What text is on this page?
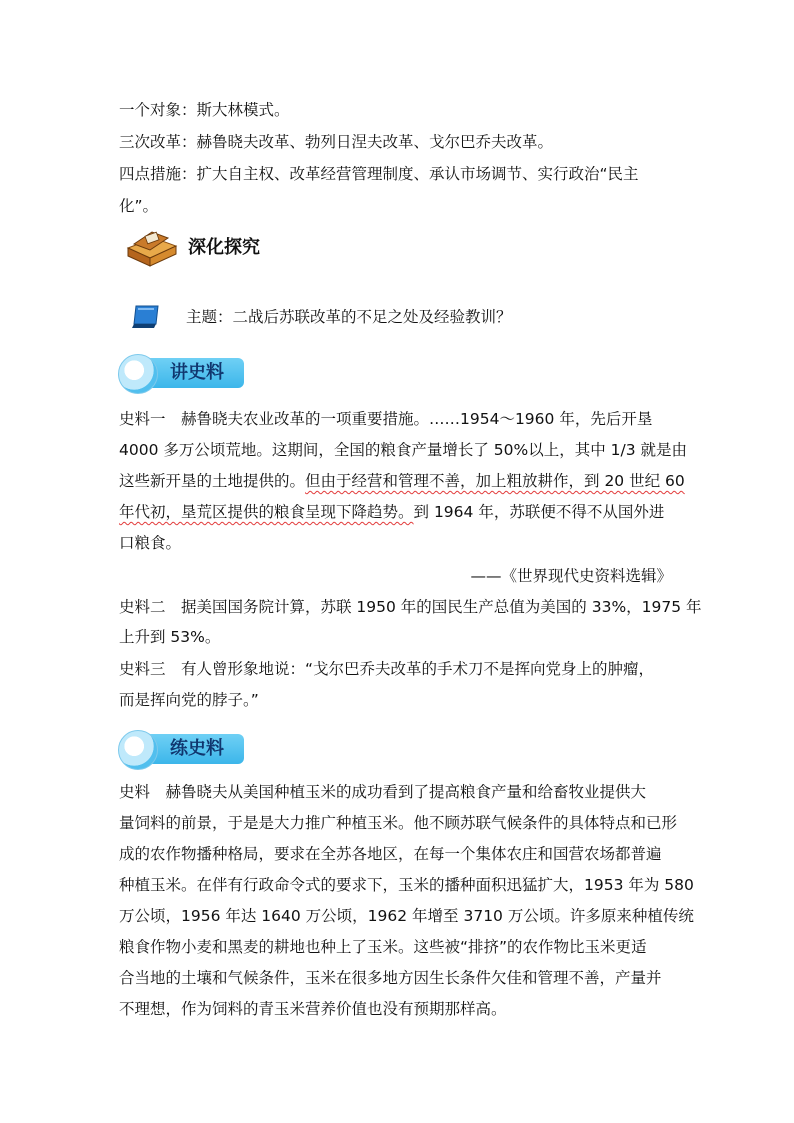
一个对象：斯大林模式。
三次改革：赫鲁晓夫改革、勃列日涅夫改革、戈尔巴乔夫改革。
四点措施：扩大自主权、改革经营管理制度、承认市场调节、实行政治“民主
化”。
深化探究
主题：二战后苏联改革的不足之处及经验教训？
讲史料
史料一　赫鲁晓夫农业改革的一项重要措施。……1954～1960 年，先后开垦
4000 多万公顷荒地。这期间，全国的粮食产量增长了 50%以上，其中 1/3 就是由
这些新开垦的土地提供的。但由于经营和管理不善，加上粗放耕作，到 20 世纪 60
年代初，垦荒区提供的粮食呈现下降趋势。到 1964 年，苏联便不得不从国外进
口粮食。
——《世界现代史资料选辑》
史料二　据美国国务院计算，苏联 1950 年的国民生产总值为美国的 33%，1975 年
上升到 53%。
史料三　有人曾形象地说：“戈尔巴乔夫改革的手术刀不是挥向党身上的肿瘤，
而是挥向党的脖子。”
练史料
史料　赫鲁晓夫从美国种植玉米的成功看到了提高粮食产量和给畜牧业提供大
量饲料的前景，于是是大力推广种植玉米。他不顾苏联气候条件的具体特点和已形
成的农作物播种格局，要求在全苏各地区，在每一个集体农庄和国营农场都普遍
种植玉米。在伴有行政命令式的要求下，玉米的播种面积迅猛扩大，1953 年为 580
万公顷，1956 年达 1640 万公顷，1962 年增至 3710 万公顷。许多原来种植传统
粮食作物小麦和黑麦的耕地也种上了玉米。这些被“排挤”的农作物比玉米更适
合当地的土壤和气候条件，玉米在很多地方因生长条件欠佳和管理不善，产量并
不理想，作为饲料的青玉米营养价值也没有预期那样高。
